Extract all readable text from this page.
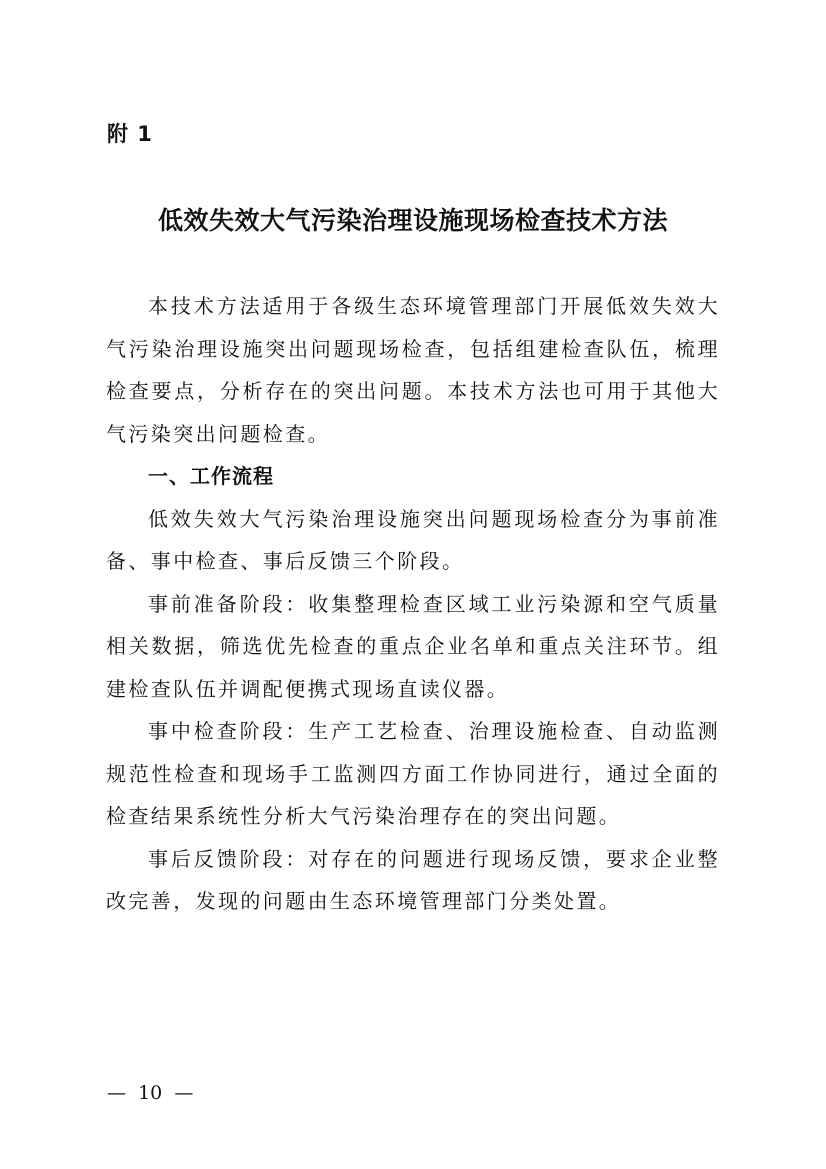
附 1
低效失效大气污染治理设施现场检查技术方法

本技术方法适用于各级生态环境管理部门开展低效失效大气污染治理设施突出问题现场检查，包括组建检查队伍，梳理检查要点，分析存在的突出问题。本技术方法也可用于其他大气污染突出问题检查。

一、工作流程

低效失效大气污染治理设施突出问题现场检查分为事前准备、事中检查、事后反馈三个阶段。

事前准备阶段：收集整理检查区域工业污染源和空气质量相关数据，筛选优先检查的重点企业名单和重点关注环节。组建检查队伍并调配便携式现场直读仪器。

事中检查阶段：生产工艺检查、治理设施检查、自动监测规范性检查和现场手工监测四方面工作协同进行，通过全面的检查结果系统性分析大气污染治理存在的突出问题。

事后反馈阶段：对存在的问题进行现场反馈，要求企业整改完善，发现的问题由生态环境管理部门分类处置。

—  10  —
